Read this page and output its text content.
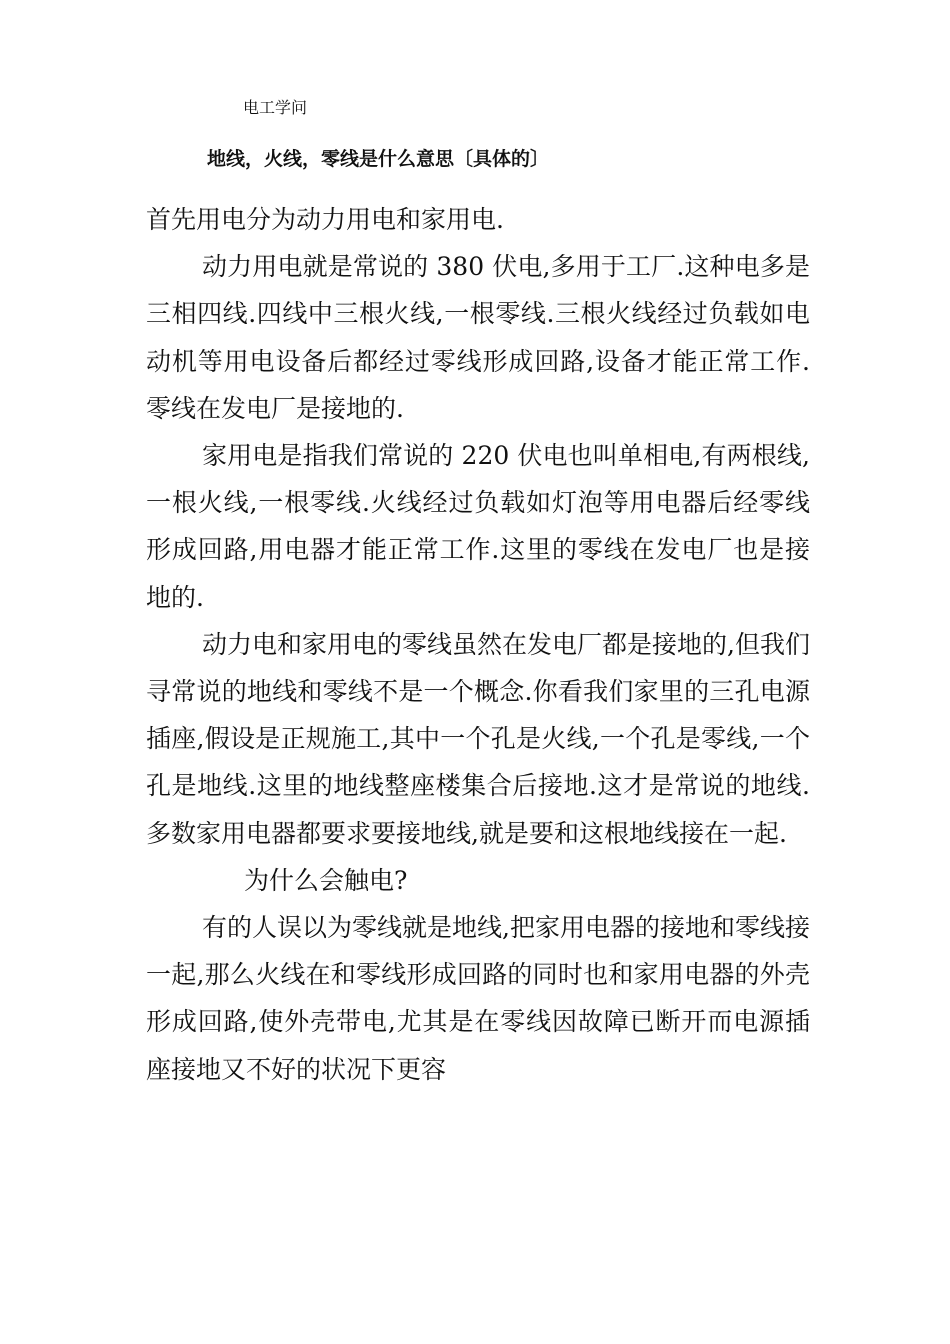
电工学问
地线，火线，零线是什么意思〔具体的〕

首先用电分为动力用电和家用电.

动力用电就是常说的 380 伏电,多用于工厂.这种电多是三相四线.四线中三根火线,一根零线.三根火线经过负载如电动机等用电设备后都经过零线形成回路,设备才能正常工作.零线在发电厂是接地的.

家用电是指我们常说的 220 伏电也叫单相电,有两根线,一根火线,一根零线.火线经过负载如灯泡等用电器后经零线形成回路,用电器才能正常工作.这里的零线在发电厂也是接地的.

动力电和家用电的零线虽然在发电厂都是接地的,但我们寻常说的地线和零线不是一个概念.你看我们家里的三孔电源插座,假设是正规施工,其中一个孔是火线,一个孔是零线,一个孔是地线.这里的地线整座楼集合后接地.这才是常说的地线.多数家用电器都要求要接地线,就是要和这根地线接在一起.

为什么会触电?

有的人误以为零线就是地线,把家用电器的接地和零线接一起,那么火线在和零线形成回路的同时也和家用电器的外壳形成回路,使外壳带电,尤其是在零线因故障已断开而电源插座接地又不好的状况下更容
